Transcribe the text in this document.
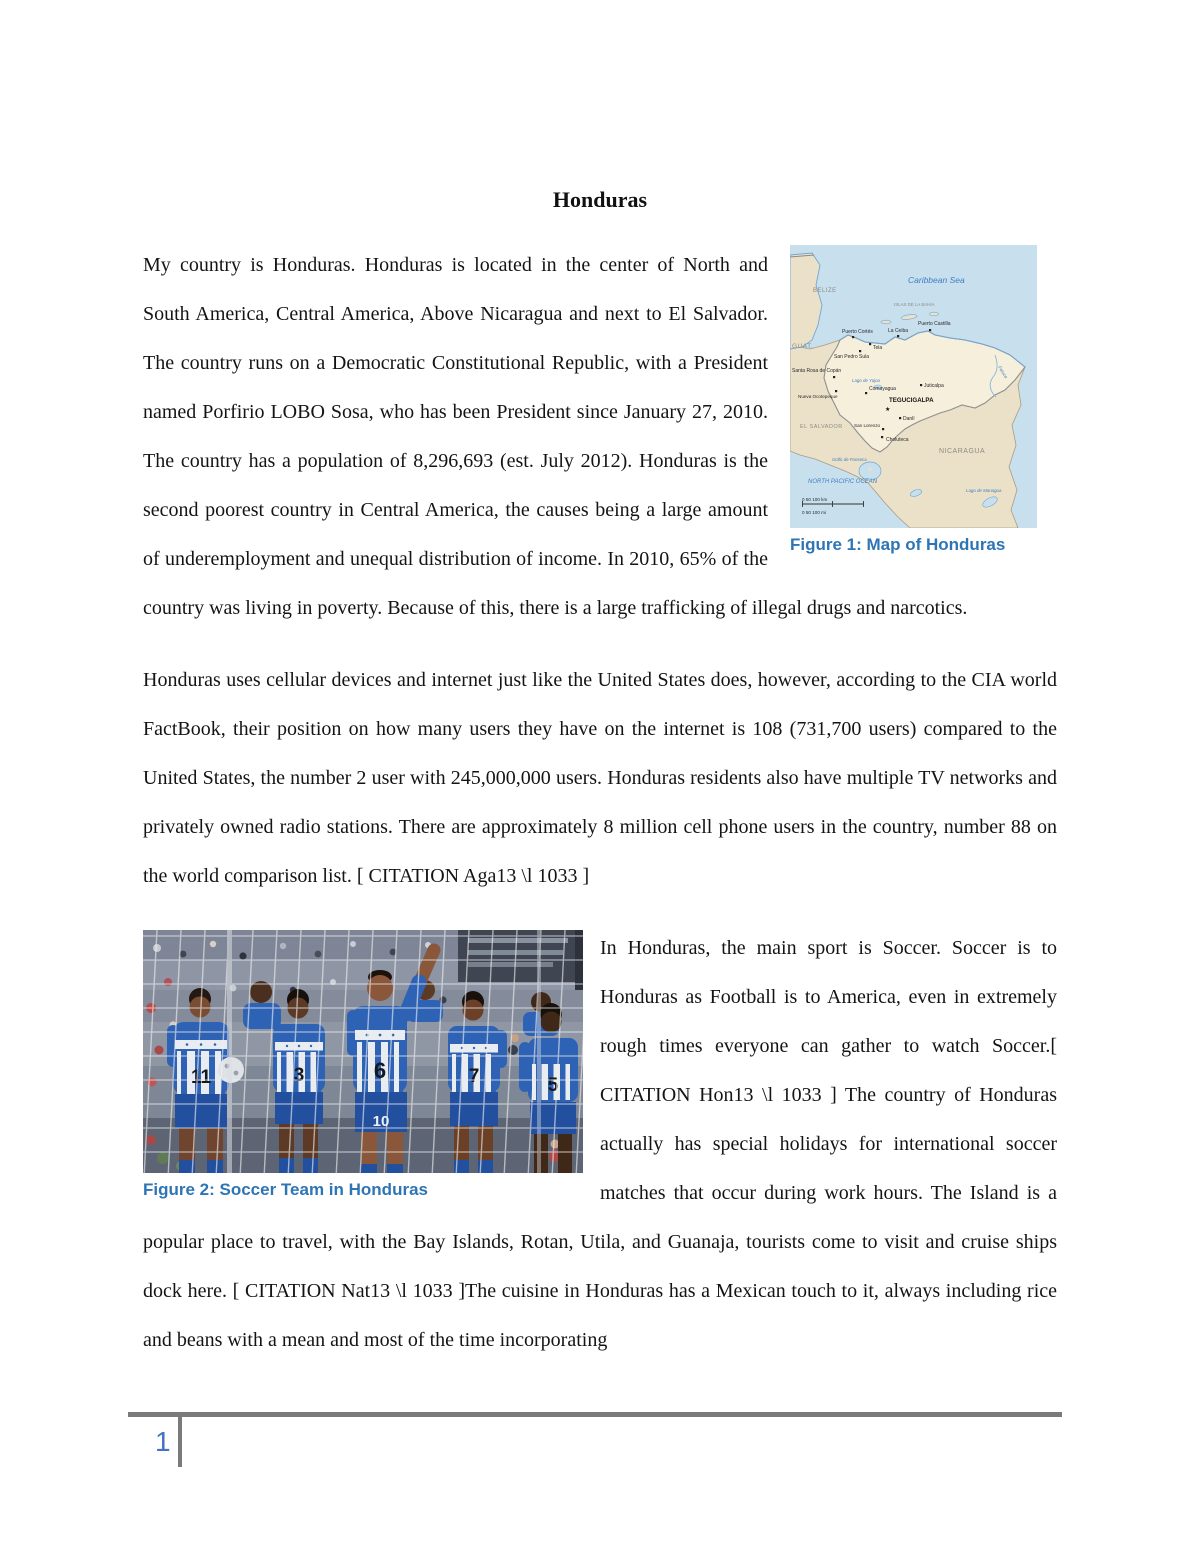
Honduras
Caribbean Sea
ISLAS DE LA BAHÍA
NORTH PACIFIC OCEAN
Golfo de Fonseca
Lago de Managua
Lago de Yojoa
Patuca
BELIZE
GUAT.
EL SALVADOR
NICARAGUA
TEGUCIGALPA
★
Puerto Cortés
Puerto Castilla
La Ceiba
Tela
San Pedro Sula
Santa Rosa de Copán
Nueva Ocotepeque
Comayagua	Juticalpa
Danlí
San Lorenzo
Choluteca
0 50 100 km
0 50 100 mi
Figure 1: Map of Honduras
My country is Honduras. Honduras is located in the center of North and South America, Central America, Above Nicaragua and next to El Salvador. The country runs on a Democratic Constitutional Republic, with a President named Porfirio LOBO Sosa, who has been President since January 27, 2010. The country has a population of 8,296,693 (est. July 2012). Honduras is the second poorest country in Central America, the causes being a large amount of underemployment and unequal distribution of income. In 2010, 65% of the country was living in poverty. Because of this, there is a large trafficking of illegal drugs and narcotics.
Honduras uses cellular devices and internet just like the United States does, however, according to the CIA world FactBook, their position on how many users they have on the internet is 108 (731,700 users) compared to the United States, the number 2 user with 245,000,000 users. Honduras residents also have multiple TV networks and privately owned radio stations. There are approximately 8 million cell phone users in the country, number 88 on the world comparison list. [ CITATION Aga13 \l 1033 ]
11	3	6
10
7	5
Figure 2: Soccer Team in Honduras
In Honduras, the main sport is Soccer. Soccer is to Honduras as Football is to America, even in extremely rough times everyone can gather to watch Soccer.[ CITATION Hon13 \l 1033 ] The country of Honduras actually has special holidays for international soccer matches that occur during work hours. The Island is a popular place to travel, with the Bay Islands, Rotan, Utila, and Guanaja, tourists come to visit and cruise ships dock here. [ CITATION Nat13 \l 1033 ]The cuisine in Honduras has a Mexican touch to it, always including rice and beans with a mean and most of the time incorporating
1
